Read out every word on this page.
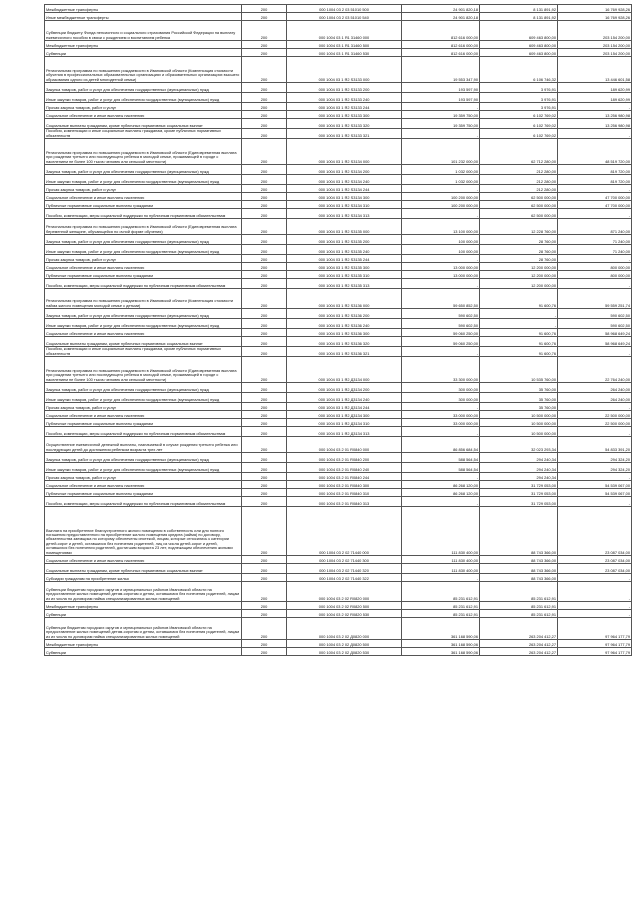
Межбюджетные трансферты	200	000 1004 03 2 03 51010 500	24 901 820,18	8 131 891,92	16 769 928,26
Иные межбюджетные трансферты	200	000 1004 03 2 03 51010 540	24 901 820,18	8 131 891,92	16 769 928,26
Субвенции бюджету Фонда пенсионного и социального страхования Российской Федерации на выплату ежемесячного пособия в связи с рождением и воспитанием ребенка	200	000 1004 03 1 Я1 31460 000	812 616 000,00	609 463 800,00	203 154 200,00
Межбюджетные трансферты	200	000 1004 03 1 Я1 31460 500	812 616 000,00	609 463 800,00	203 154 200,00
Субвенции	200	000 1004 03 1 Я1 31460 530	812 616 000,00	609 463 800,00	203 154 200,00
Региональная программа по повышению рождаемости в Ивановской области (Компенсация стоимости обучения в профессиональных образовательных организациях и образовательных организациях высшего образования одного из детей многодетной семьи)	200	000 1004 03 1 Я2 S3133 000	19 553 347,90	6 106 746,32	13 446 601,58
Закупка товаров, работ и услуг для обеспечения государственных (муниципальных) нужд	200	000 1004 03 1 Я2 S3133 200	193 597,90	3 976,91	189 620,99
Иные закупки товаров, работ и услуг для обеспечения государственных (муниципальных) нужд	200	000 1004 03 1 Я2 S3133 240	193 597,90	3 976,91	189 620,99
Прочая закупка товаров, работ и услуг	200	000 1004 03 1 Я2 S3133 244	-	3 976,91	-
Социальное обеспечение и иные выплаты населению	200	000 1004 03 1 Я2 S3133 300	19 359 750,00	6 102 769,02	13 256 980,98
Социальные выплаты гражданам, кроме публичных нормативных социальных выплат	200	000 1004 03 1 Я2 S3133 320	19 359 750,00	6 102 769,02	13 256 980,98
Пособия, компенсации и иные социальные выплаты гражданам, кроме публичных нормативных обязательств	200	000 1004 03 1 Я2 S3133 321	-	6 102 769,02	-
Региональная программа по повышению рождаемости в Ивановской области (Единовременная выплата при рождении третьего или последующего ребенка в молодой семье, проживающей в городе с населением не более 100 тысяч человек или сельской местности)	200	000 1004 03 1 Я2 S3134 000	101 232 000,00	62 712 280,00	48 519 720,00
Закупка товаров, работ и услуг для обеспечения государственных (муниципальных) нужд	200	000 1004 03 1 Я2 S3134 200	1 032 000,00	212 280,00	819 720,00
Иные закупки товаров, работ и услуг для обеспечения государственных (муниципальных) нужд	200	000 1004 03 1 Я2 S3134 240	1 032 000,00	212 280,00	819 720,00
Прочая закупка товаров, работ и услуг	200	000 1004 03 1 Я2 S3134 244	-	212 280,00	-
Социальное обеспечение и иные выплаты населению	200	000 1004 03 1 Я2 S3134 300	100 200 000,00	62 500 000,00	47 700 000,00
Публичные нормативные социальные выплаты гражданам	200	000 1004 03 1 Я2 S3134 310	100 200 000,00	62 500 000,00	47 700 000,00
Пособия, компенсации, меры социальной поддержки по публичным нормативным обязательствам	200	000 1004 03 1 Я2 S3134 313	-	62 500 000,00	-
Региональная программа по повышению рождаемости в Ивановской области (Единовременная выплата беременной женщине, обучающейся по очной форме обучения)	200	000 1004 03 1 Я2 S3135 000	13 100 000,00	12 228 760,00	871 240,00
Закупка товаров, работ и услуг для обеспечения государственных (муниципальных) нужд	200	000 1004 03 1 Я2 S3135 200	100 000,00	28 760,00	71 240,00
Иные закупки товаров, работ и услуг для обеспечения государственных (муниципальных) нужд	200	000 1004 03 1 Я2 S3135 240	100 000,00	28 760,00	71 240,00
Прочая закупка товаров, работ и услуг	200	000 1004 03 1 Я2 S3135 244	-	28 760,00	-
Социальное обеспечение и иные выплаты населению	200	000 1004 03 1 Я2 S3135 300	13 000 000,00	12 200 000,00	800 000,00
Публичные нормативные социальные выплаты гражданам	200	000 1004 03 1 Я2 S3135 310	13 000 000,00	12 200 000,00	800 000,00
Пособия, компенсации, меры социальной поддержки по публичным нормативным обязательствам	200	000 1004 03 1 Я2 S3135 313	-	12 200 000,00	-
Региональная программа по повышению рождаемости в Ивановской области (Компенсация стоимости найма жилого помещения молодой семье с детьми)	200	000 1004 03 1 Я2 S3136 000	59 650 852,50	91 600,76	59 559 251,74
Закупка товаров, работ и услуг для обеспечения государственных (муниципальных) нужд	200	000 1004 03 1 Я2 S3136 200	590 602,50	-	590 602,50
Иные закупки товаров, работ и услуг для обеспечения государственных (муниципальных) нужд	200	000 1004 03 1 Я2 S3136 240	590 602,50	-	590 602,50
Социальное обеспечение и иные выплаты населению	200	000 1004 03 1 Я2 S3136 300	59 060 250,00	91 600,76	58 968 649,24
Социальные выплаты гражданам, кроме публичных нормативных социальных выплат	200	000 1004 03 1 Я2 S3136 320	59 060 250,00	91 600,76	58 968 649,24
Пособия, компенсации и иные социальные выплаты гражданам, кроме публичных нормативных обязательств	200	000 1004 03 1 Я2 S3136 321	-	91 600,76	-
Региональная программа по повышению рождаемости в Ивановской области (Единовременная выплата при рождении третьего или последующего ребенка в молодой семье, проживающей в городе с населением не более 100 тысяч человек или сельской местности)	200	000 1004 03 1 Я2 Д3134 000	33 300 000,00	10 535 760,00	22 764 240,00
Закупка товаров, работ и услуг для обеспечения государственных (муниципальных) нужд	200	000 1004 03 1 Я2 Д3134 200	300 000,00	35 760,00	264 240,00
Иные закупки товаров, работ и услуг для обеспечения государственных (муниципальных) нужд	200	000 1004 03 1 Я2 Д3134 240	300 000,00	35 760,00	264 240,00
Прочая закупка товаров, работ и услуг	200	000 1004 03 1 Я2 Д3134 244	-	35 760,00	-
Социальное обеспечение и иные выплаты населению	200	000 1004 03 1 Я2 Д3134 300	33 000 000,00	10 500 000,00	22 500 000,00
Публичные нормативные социальные выплаты гражданам	200	000 1004 03 1 Я2 Д3134 310	33 000 000,00	10 500 000,00	22 500 000,00
Пособия, компенсации, меры социальной поддержки по публичным нормативным обязательствам	200	000 1004 03 1 Я2 Д3134 313	-	10 500 000,00	-
Осуществление ежемесячной денежной выплаты, назначаемой в случае рождения третьего ребенка или последующих детей до достижения ребенком возраста трех лет	200	000 1004 03 2 01 R0840 000	86 856 684,54	32 023 293,34	54 833 391,20
Закупка товаров, работ и услуг для обеспечения государственных (муниципальных) нужд	200	000 1004 03 2 01 R0840 200	588 564,54	294 240,34	294 324,20
Иные закупки товаров, работ и услуг для обеспечения государственных (муниципальных) нужд	200	000 1004 03 2 01 R0840 240	588 564,54	294 240,34	294 324,20
Прочая закупка товаров, работ и услуг	200	000 1004 03 2 01 R0840 244	-	294 240,34	-
Социальное обеспечение и иные выплаты населению	200	000 1004 03 2 01 R0840 300	86 268 120,00	31 729 053,00	54 539 067,00
Публичные нормативные социальные выплаты гражданам	200	000 1004 03 2 01 R0840 310	86 268 120,00	31 729 053,00	54 539 067,00
Пособия, компенсации, меры социальной поддержки по публичным нормативным обязательствам	200	000 1004 03 2 01 R0840 313	-	31 729 053,00	-
Выплата на приобретение благоустроенного жилого помещения в собственность или для полного погашения предоставленного на приобретение жилого помещения кредита (займа) по договору, обязательства заемщика по которому обеспечены ипотекой, лицам, которые относились к категории детей-сирот и детей, оставшихся без попечения родителей, лиц из числа детей-сирот и детей, оставшихся без попечения родителей, достигшим возраста 23 лет, подлежащим обеспечению жилыми помещениями	200	000 1004 03 2 02 71440 000	111 830 400,00	88 743 366,00	23 087 034,00
Социальное обеспечение и иные выплаты населению	200	000 1004 03 2 02 71440 300	111 830 400,00	88 743 366,00	23 087 034,00
Социальные выплаты гражданам, кроме публичных нормативных социальных выплат	200	000 1004 03 2 02 71440 320	111 830 400,00	88 743 366,00	23 087 034,00
Субсидии гражданам на приобретение жилья	200	000 1004 03 2 02 71440 322	-	88 743 366,00	-
Субвенции бюджетам городских округов и муниципальных районов Ивановской области на предоставление жилых помещений детям-сиротам и детям, оставшимся без попечения родителей, лицам из их числа по договорам найма специализированных жилых помещений	200	000 1004 03 2 02 R0820 000	85 231 612,91	85 231 612,91	-
Межбюджетные трансферты	200	000 1004 03 2 02 R0820 500	85 231 612,91	85 231 612,91	-
Субвенции	200	000 1004 03 2 02 R0820 530	85 231 612,91	85 231 612,91	-
Субвенции бюджетам городских округов и муниципальных районов Ивановской области на предоставление жилых помещений детям-сиротам и детям, оставшимся без попечения родителей, лицам из их числа по договорам найма специализированных жилых помещений	200	000 1004 03 2 02 Д0820 000	361 168 590,06	263 204 412,27	97 964 177,79
Межбюджетные трансферты	200	000 1004 03 2 02 Д0820 500	361 168 590,06	263 204 412,27	97 964 177,79
Субвенции	200	000 1004 03 2 02 Д0820 530	361 168 590,06	263 204 412,27	97 964 177,79
